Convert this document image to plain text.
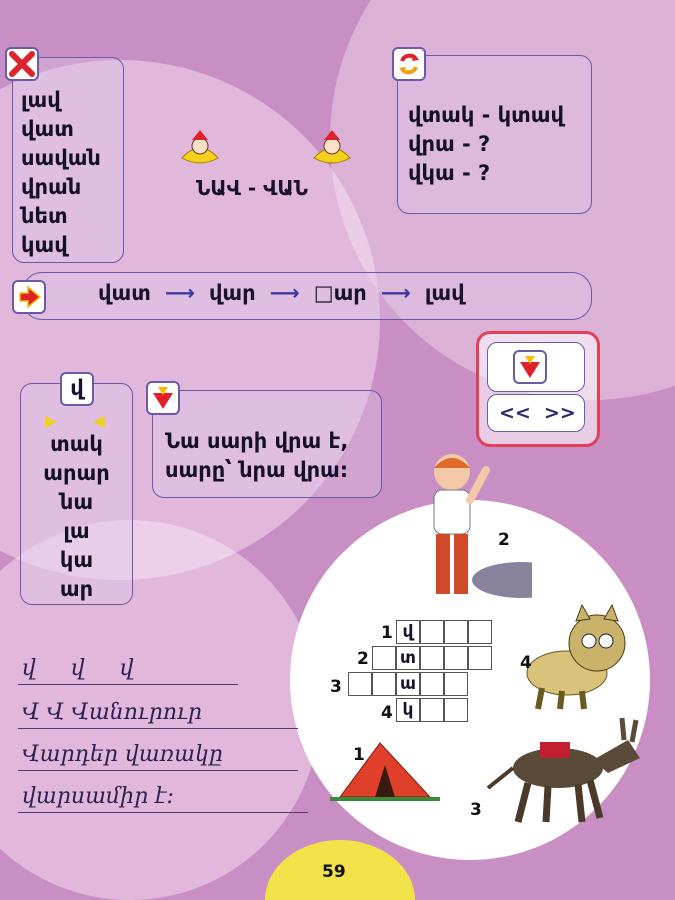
լավ
վատ
սավան
վրան
նետ
կավ
ՆԱՎ - ՎԱՆ
վտակ - կտավ
վրա - ?
վկա - ?
վատ ⟶ վար ⟶ □ար ⟶ լավ
<< >>
տակ
արար
նա
լա
կա
ար
վ
Նա սարի վրա է,
սարը՝ նրա վրա:
2
4
1
3
1
2
3
4
վ
տ
ա
կ
վ վ վ
Վ Վ Վանուրուր
Վարդեր վառակը
վարսամիր է:
59
